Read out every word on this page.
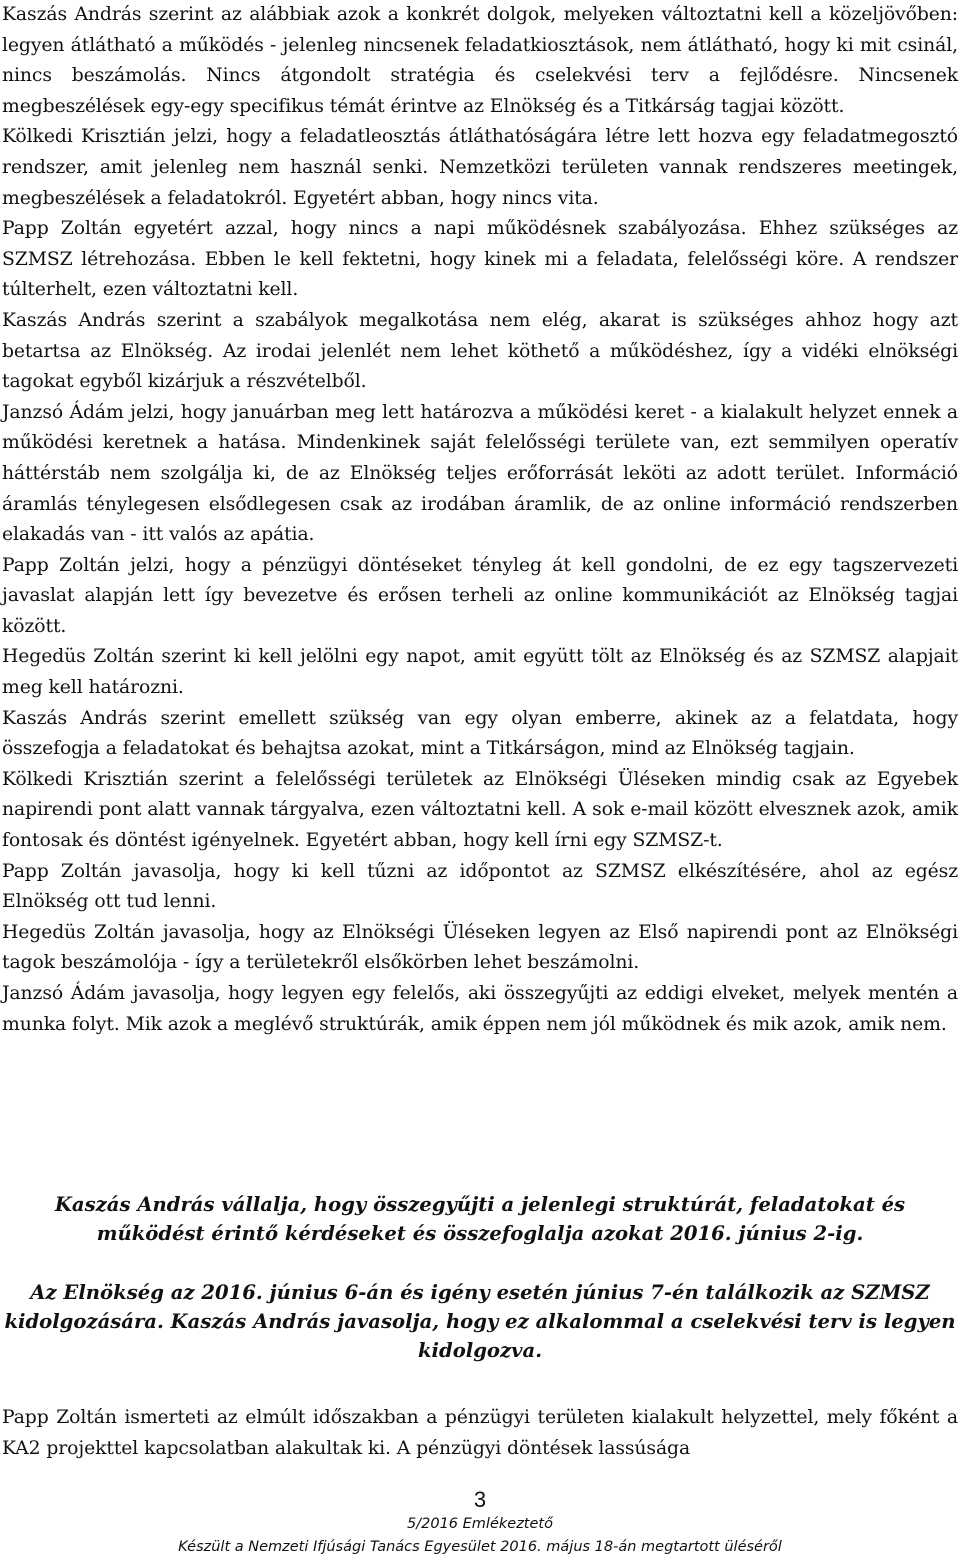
Kaszás András szerint az alábbiak azok a konkrét dolgok, melyeken változtatni kell a közeljövőben: legyen átlátható a működés - jelenleg nincsenek feladatkiosztások, nem átlátható, hogy ki mit csinál, nincs beszámolás. Nincs átgondolt stratégia és cselekvési terv a fejlődésre. Nincsenek megbeszélések egy-egy specifikus témát érintve az Elnökség és a Titkárság tagjai között.

Kölkedi Krisztián jelzi, hogy a feladatleosztás átláthatóságára létre lett hozva egy feladatmegosztó rendszer, amit jelenleg nem használ senki. Nemzetközi területen vannak rendszeres meetingek, megbeszélések a feladatokról. Egyetért abban, hogy nincs vita.

Papp Zoltán egyetért azzal, hogy nincs a napi működésnek szabályozása. Ehhez szükséges az SZMSZ létrehozása. Ebben le kell fektetni, hogy kinek mi a feladata, felelősségi köre. A rendszer túlterhelt, ezen változtatni kell.

Kaszás András szerint a szabályok megalkotása nem elég, akarat is szükséges ahhoz hogy azt betartsa az Elnökség. Az irodai jelenlét nem lehet köthető a működéshez, így a vidéki elnökségi tagokat egyből kizárjuk a részvételből.

Janzsó Ádám jelzi, hogy januárban meg lett határozva a működési keret - a kialakult helyzet ennek a működési keretnek a hatása. Mindenkinek saját felelősségi területe van, ezt semmilyen operatív háttérstáb nem szolgálja ki, de az Elnökség teljes erőforrását leköti az adott terület. Információ áramlás ténylegesen elsődlegesen csak az irodában áramlik, de az online információ rendszerben elakadás van - itt valós az apátia.

Papp Zoltán jelzi, hogy a pénzügyi döntéseket tényleg át kell gondolni, de ez egy tagszervezeti javaslat alapján lett így bevezetve és erősen terheli az online kommunikációt az Elnökség tagjai között.

Hegedüs Zoltán szerint ki kell jelölni egy napot, amit együtt tölt az Elnökség és az SZMSZ alapjait meg kell határozni.

Kaszás András szerint emellett szükség van egy olyan emberre, akinek az a felatdata, hogy összefogja a feladatokat és behajtsa azokat, mint a Titkárságon, mind az Elnökség tagjain.

Kölkedi Krisztián szerint a felelősségi területek az Elnökségi Üléseken mindig csak az Egyebek napirendi pont alatt vannak tárgyalva, ezen változtatni kell. A sok e-mail között elvesznek azok, amik fontosak és döntést igényelnek. Egyetért abban, hogy kell írni egy SZMSZ-t.

Papp Zoltán javasolja, hogy ki kell tűzni az időpontot az SZMSZ elkészítésére, ahol az egész Elnökség ott tud lenni.

Hegedüs Zoltán javasolja, hogy az Elnökségi Üléseken legyen az Első napirendi pont az Elnökségi tagok beszámolója - így a területekről elsőkörben lehet beszámolni.

Janzsó Ádám javasolja, hogy legyen egy felelős, aki összegyűjti az eddigi elveket, melyek mentén a munka folyt. Mik azok a meglévő struktúrák, amik éppen nem jól működnek és mik azok, amik nem.

Kaszás András vállalja, hogy összegyűjti a jelenlegi struktúrát, feladatokat és működést érintő kérdéseket és összefoglalja azokat 2016. június 2-ig.

Az Elnökség az 2016. június 6-án és igény esetén június 7-én találkozik az SZMSZ kidolgozására. Kaszás András javasolja, hogy ez alkalommal a cselekvési terv is legyen kidolgozva.

Papp Zoltán ismerteti az elmúlt időszakban a pénzügyi területen kialakult helyzettel, mely főként a KA2 projekttel kapcsolatban alakultak ki. A pénzügyi döntések lassúsága

3
5/2016 Emlékeztető
Készült a Nemzeti Ifjúsági Tanács Egyesület 2016. május 18-án megtartott üléséről
